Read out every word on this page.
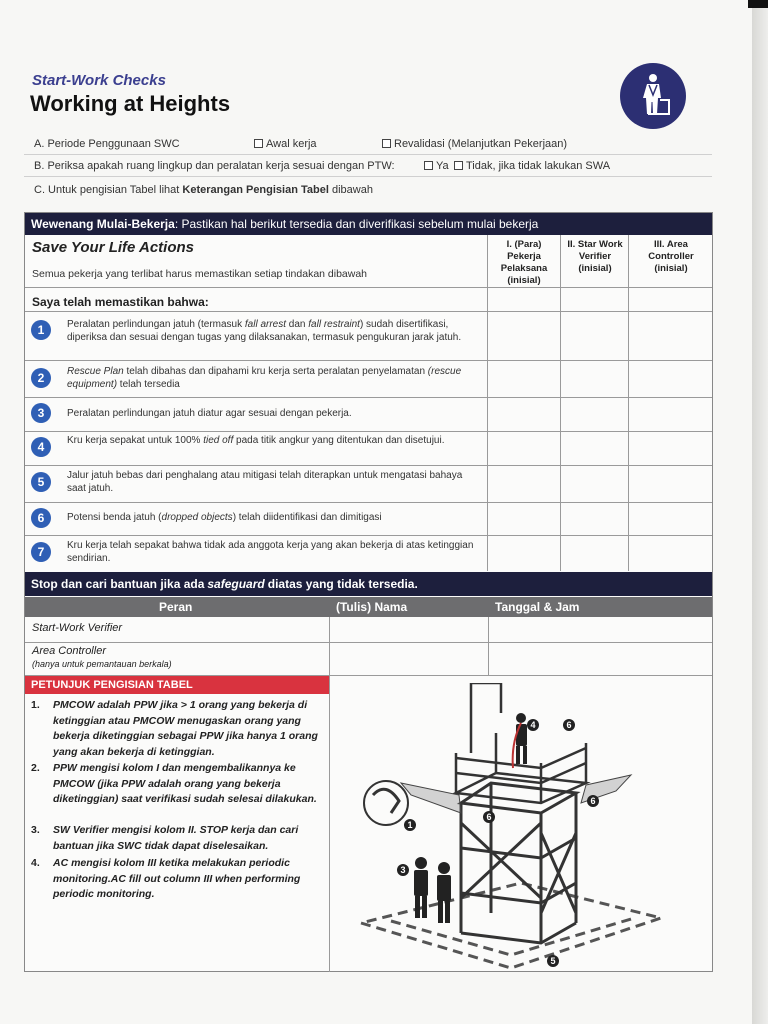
Start-Work Checks
Working at Heights
A. Periode Penggunaan SWC	Awal kerja	Revalidasi (Melanjutkan Pekerjaan)
B. Periksa apakah ruang lingkup dan peralatan kerja sesuai dengan PTW:	Ya	Tidak, jika tidak lakukan SWA
C. Untuk pengisian Tabel lihat Keterangan Pengisian Tabel dibawah
Wewenang Mulai-Bekerja : Pastikan hal berikut tersedia dan diverifikasi sebelum mulai bekerja
Save Your Life Actions
Semua pekerja yang terlibat harus memastikan setiap tindakan dibawah
I. (Para) Pekerja Pelaksana (inisial)
II. Star Work Verifier (inisial)
III. Area Controller (inisial)
Saya telah memastikan bahwa:
1	Peralatan perlindungan jatuh (termasuk fall arrest dan fall restraint) sudah disertifikasi, diperiksa dan sesuai dengan tugas yang dilaksanakan, termasuk pengukuran jarak jatuh.
2	Rescue Plan telah dibahas dan dipahami kru kerja serta peralatan penyelamatan (rescue equipment) telah tersedia
3	Peralatan perlindungan jatuh diatur agar sesuai dengan pekerja.
4	Kru kerja sepakat untuk 100% tied off pada titik angkur yang ditentukan dan disetujui.
5	Jalur jatuh bebas dari penghalang atau mitigasi telah diterapkan untuk mengatasi bahaya saat jatuh.
6	Potensi benda jatuh (dropped objects) telah diidentifikasi dan dimitigasi
7	Kru kerja telah sepakat bahwa tidak ada anggota kerja yang akan bekerja di atas ketinggian sendirian.
Stop dan cari bantuan jika ada safeguard diatas yang tidak tersedia.
Peran	(Tulis) Nama	Tanggal & Jam
Start-Work Verifier
Area Controller
(hanya untuk pemantauan berkala)
PETUNJUK PENGISIAN TABEL
1. PMCOW adalah PPW jika > 1 orang yang bekerja di ketinggian atau PMCOW menugaskan orang yang bekerja diketinggian sebagai PPW jika hanya 1 orang yang akan bekerja di ketinggian.
2. PPW mengisi kolom I dan mengembalikannya ke PMCOW (jika PPW adalah orang yang bekerja diketinggian) saat verifikasi sudah selesai dilakukan.
3. SW Verifier mengisi kolom II. STOP kerja dan cari bantuan jika SWC tidak dapat diselesaikan.
4. AC mengisi kolom III ketika melakukan periodic monitoring.AC fill out column III when performing periodic monitoring.
1
3
4
5
6
6
6
